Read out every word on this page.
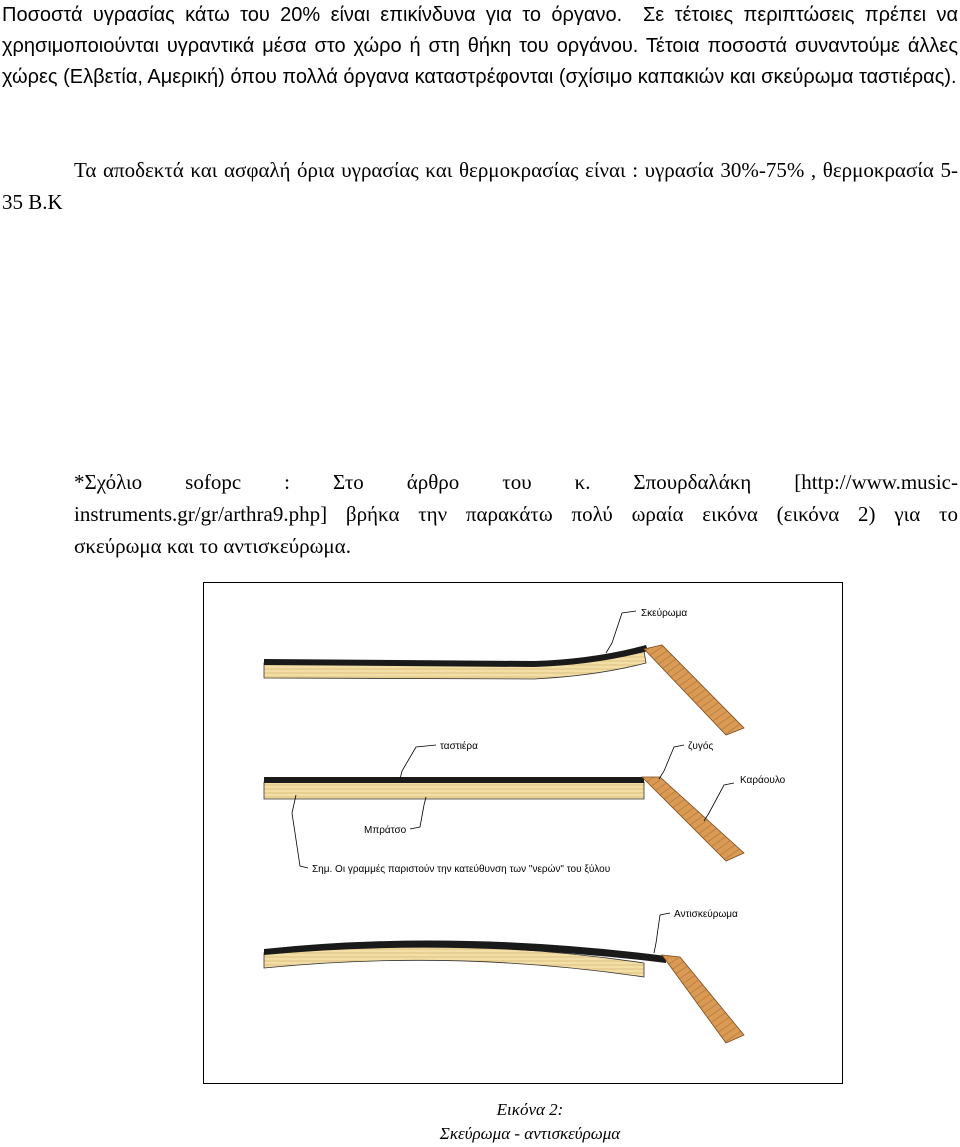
Ποσοστά υγρασίας κάτω του 20% είναι επικίνδυνα για το όργανο. Σε τέτοιες περιπτώσεις πρέπει να χρησιμοποιούνται υγραντικά μέσα στο χώρο ή στη θήκη του οργάνου. Τέτοια ποσοστά συναντούμε άλλες χώρες (Ελβετία, Αμερική) όπου πολλά όργανα καταστρέφονται (σχίσιμο καπακιών και σκεύρωμα ταστιέρας).

Τα αποδεκτά και ασφαλή όρια υγρασίας και θερμοκρασίας είναι : υγρασία 30%-75% , θερμοκρασία 5-35 Β.Κ

*Σχόλιο sofopc : Στο άρθρο του κ. Σπουρδαλάκη [http://www.music-
instruments.gr/gr/arthra9.php] βρήκα την παρακάτω πολύ ωραία εικόνα (εικόνα 2) για το
σκεύρωμα και το αντισκεύρωμα.
Σκεύρωμα
ταστιέρα	ζυγός
Καράουλο
Μπράτσο
Σημ. Οι γραμμές παριστούν την κατεύθυνση των "νερών" του ξύλου
Αντισκεύρωμα
Εικόνα 2:
Σκεύρωμα - αντισκεύρωμα
